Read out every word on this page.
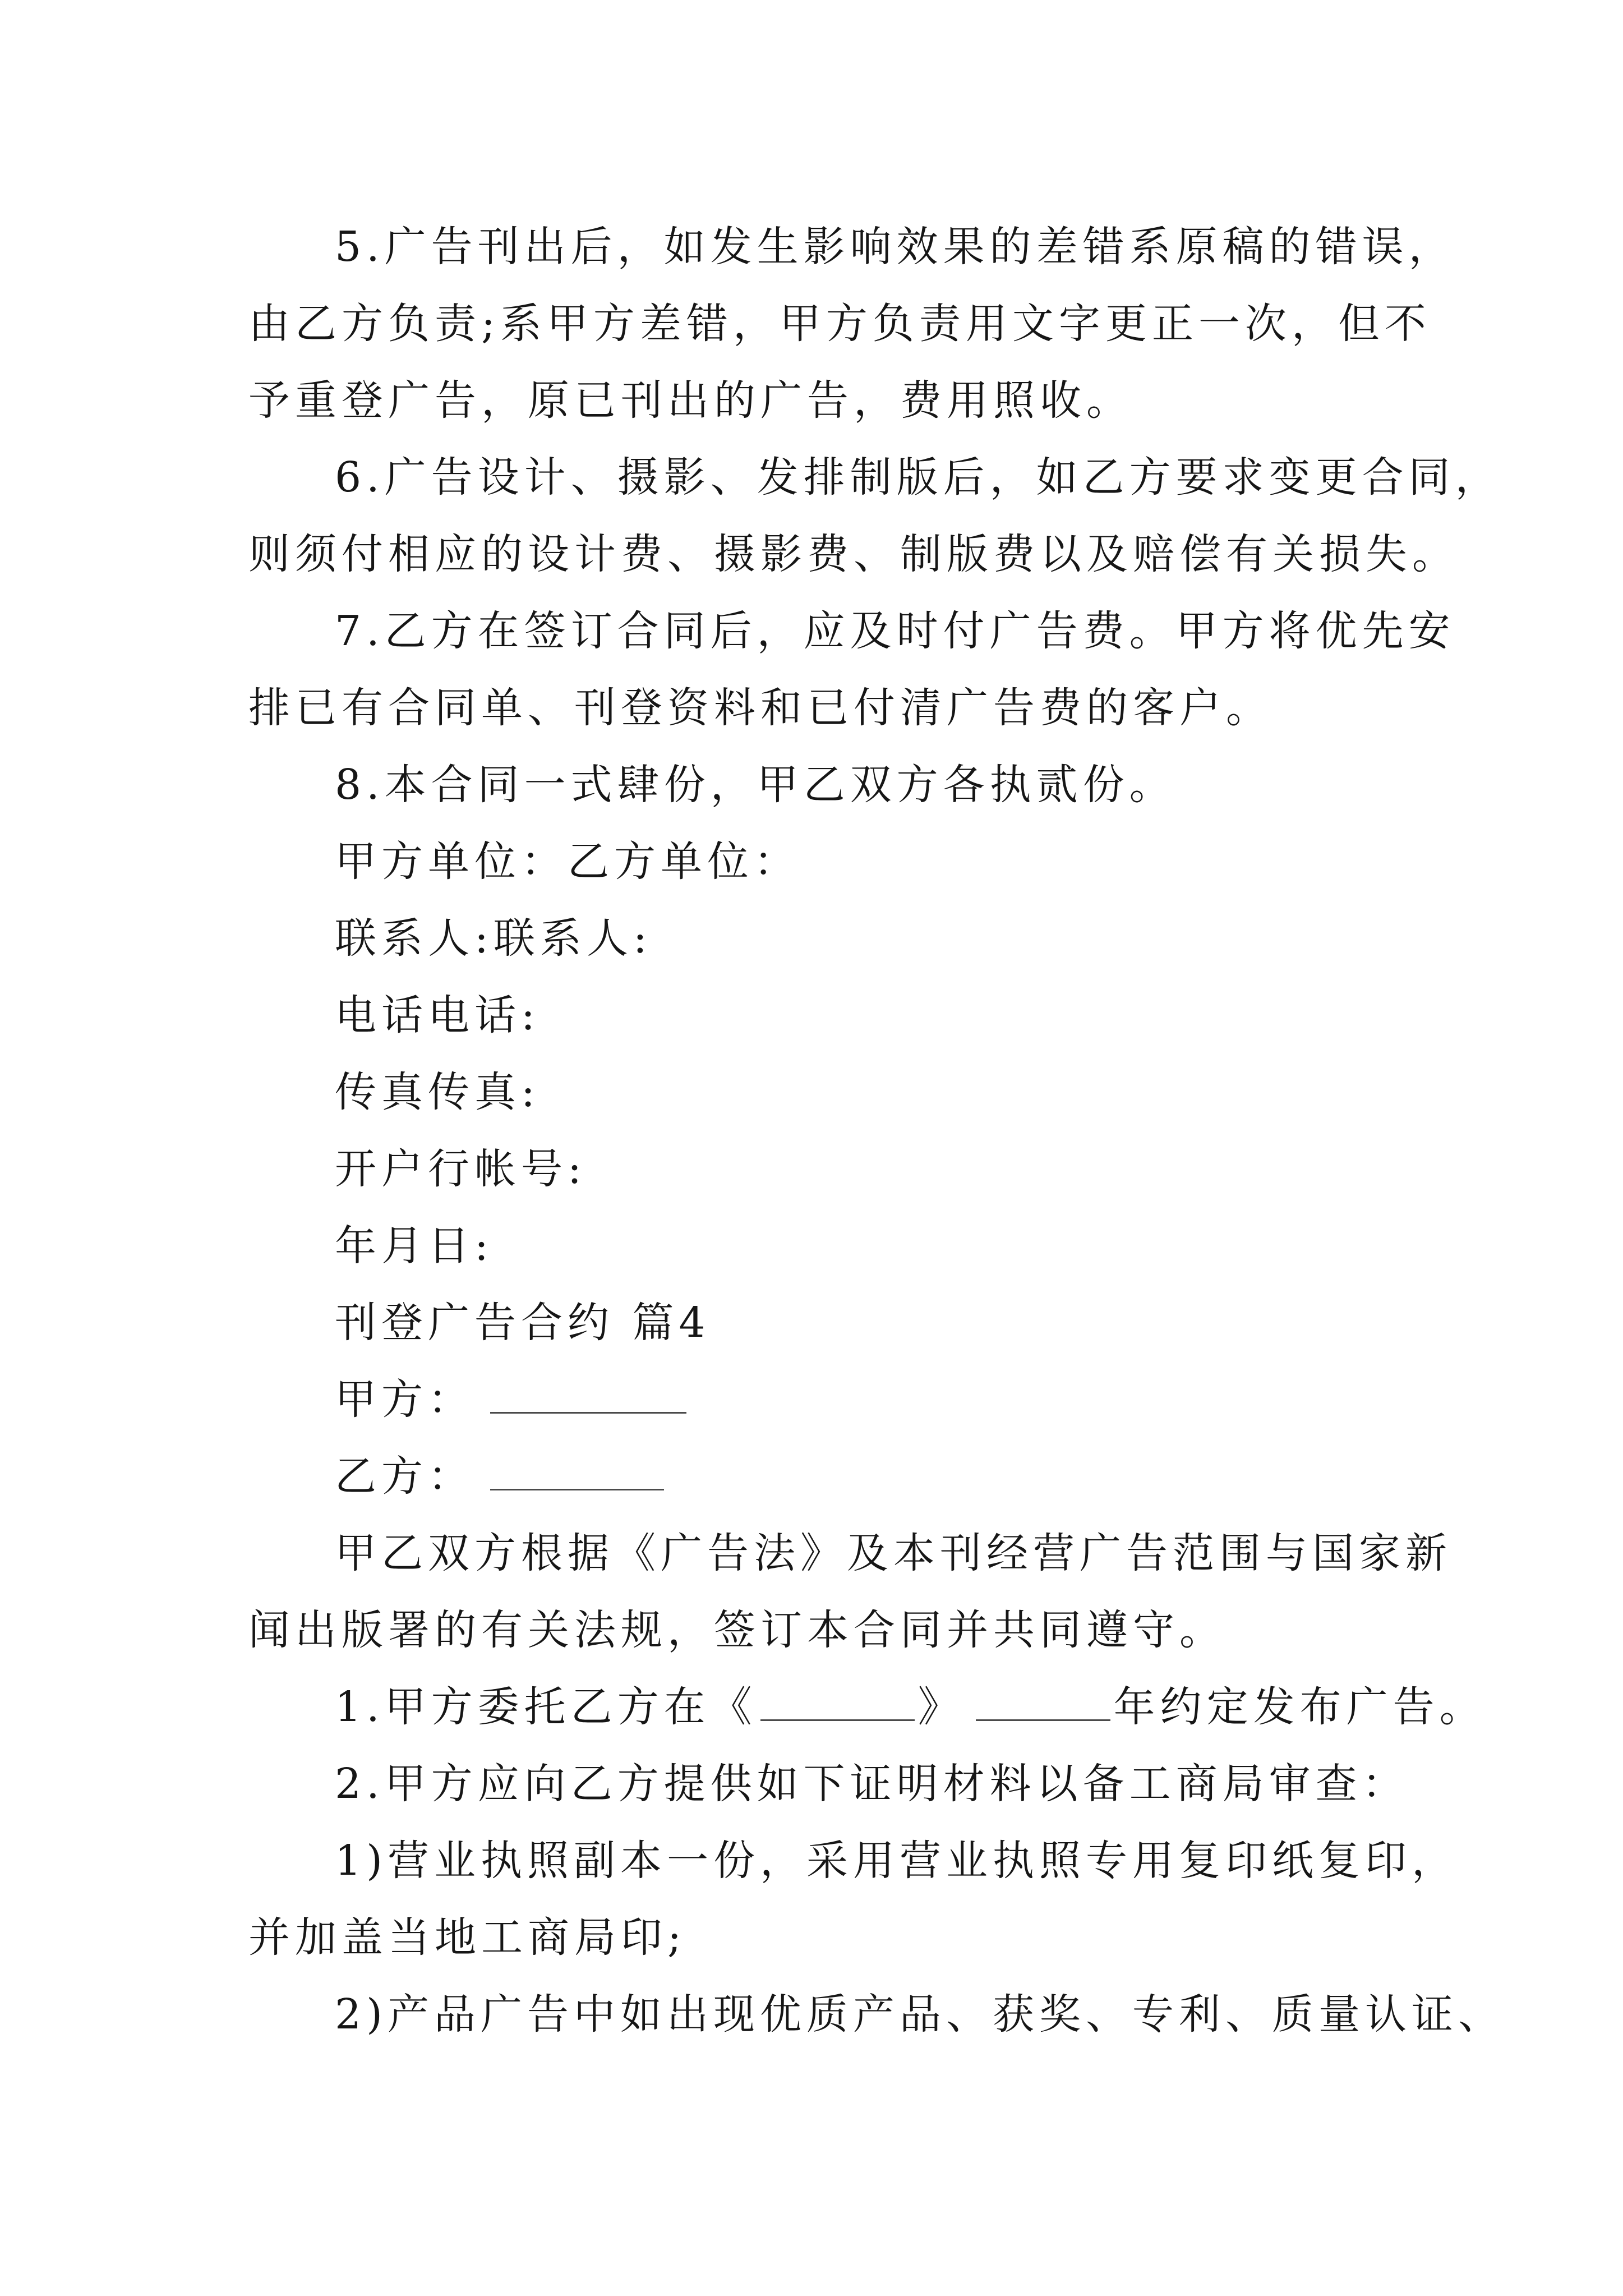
5.广告刊出后，如发生影响效果的差错系原稿的错误，
由乙方负责;系甲方差错，甲方负责用文字更正一次，但不
予重登广告，原已刊出的广告，费用照收。
6.广告设计、摄影、发排制版后，如乙方要求变更合同，
则须付相应的设计费、摄影费、制版费以及赔偿有关损失。
7.乙方在签订合同后，应及时付广告费。甲方将优先安
排已有合同单、刊登资料和已付清广告费的客户。
8.本合同一式肆份，甲乙双方各执贰份。
甲方单位：乙方单位：
联系人:联系人:
电话电话:
传真传真:
开户行帐号:
年月日:
刊登广告合约 篇4
甲方：
乙方：
甲乙双方根据《广告法》及本刊经营广告范围与国家新
闻出版署的有关法规，签订本合同并共同遵守。
1.甲方委托乙方在《	》	年约定发布广告。
2.甲方应向乙方提供如下证明材料以备工商局审查：
1)营业执照副本一份，采用营业执照专用复印纸复印，
并加盖当地工商局印;
2)产品广告中如出现优质产品、获奖、专利、质量认证、
